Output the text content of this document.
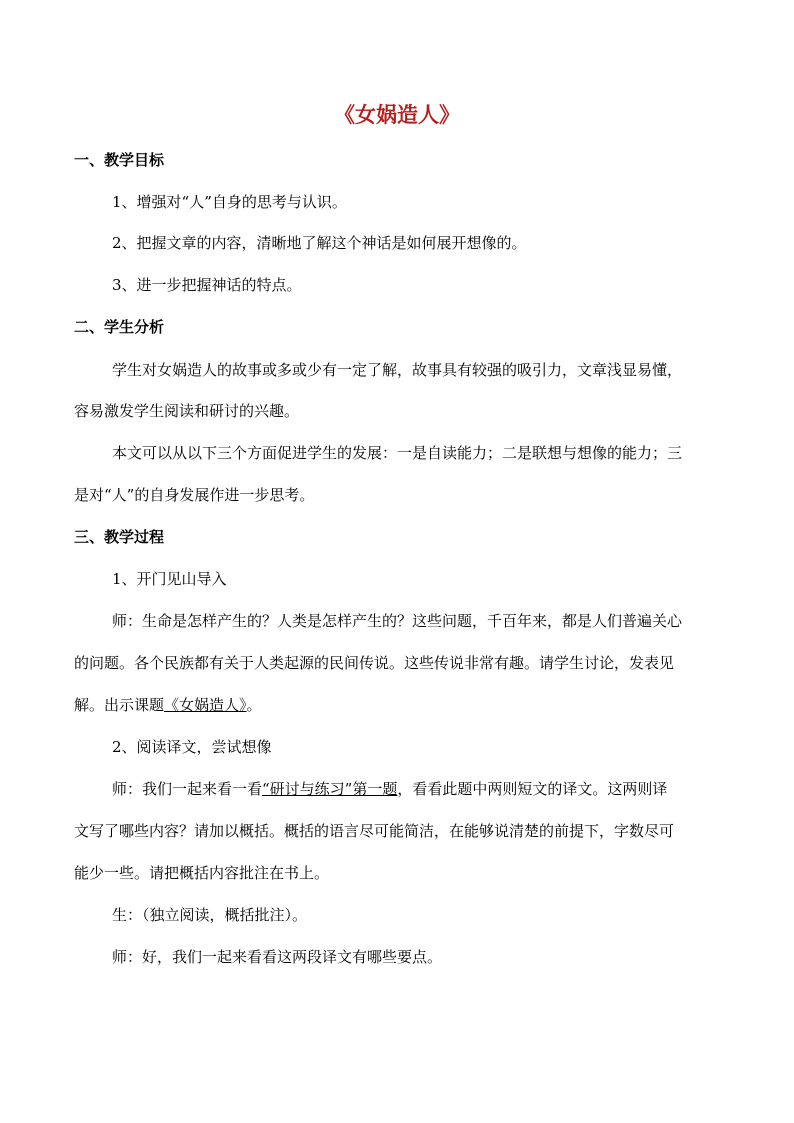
《女娲造人》
一、教学目标
1、增强对“人”自身的思考与认识。
2、把握文章的内容，清晰地了解这个神话是如何展开想像的。
3、进一步把握神话的特点。
二、学生分析
学生对女娲造人的故事或多或少有一定了解，故事具有较强的吸引力，文章浅显易懂，
容易激发学生阅读和研讨的兴趣。
本文可以从以下三个方面促进学生的发展：一是自读能力；二是联想与想像的能力；三
是对“人”的自身发展作进一步思考。
三、教学过程
1、开门见山导入
师：生命是怎样产生的？人类是怎样产生的？这些问题，千百年来，都是人们普遍关心
的问题。各个民族都有关于人类起源的民间传说。这些传说非常有趣。请学生讨论，发表见
解。出示课题《女娲造人》。
2、阅读译文，尝试想像
师：我们一起来看一看“研讨与练习”第一题，看看此题中两则短文的译文。这两则译
文写了哪些内容？请加以概括。概括的语言尽可能简洁，在能够说清楚的前提下，字数尽可
能少一些。请把概括内容批注在书上。
生：（独立阅读，概括批注）。
师：好，我们一起来看看这两段译文有哪些要点。
